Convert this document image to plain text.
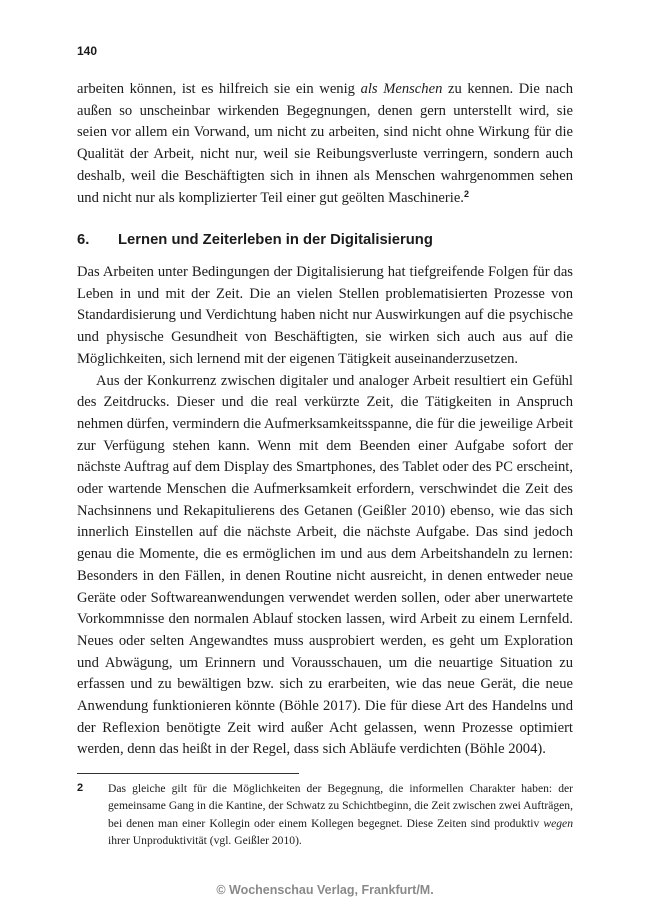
140

arbeiten können, ist es hilfreich sie ein wenig als Menschen zu kennen. Die nach außen so unscheinbar wirkenden Begegnungen, denen gern unterstellt wird, sie seien vor allem ein Vorwand, um nicht zu arbeiten, sind nicht ohne Wirkung für die Qualität der Arbeit, nicht nur, weil sie Reibungsverluste verringern, sondern auch deshalb, weil die Beschäftigten sich in ihnen als Menschen wahrgenommen sehen und nicht nur als komplizierter Teil einer gut geölten Maschinerie.$^2$

6.	Lernen und Zeiterleben in der Digitalisierung

Das Arbeiten unter Bedingungen der Digitalisierung hat tiefgreifende Folgen für das Leben in und mit der Zeit. Die an vielen Stellen problematisierten Prozesse von Standardisierung und Verdichtung haben nicht nur Auswirkungen auf die psychische und physische Gesundheit von Beschäftigten, sie wirken sich auch aus auf die Möglichkeiten, sich lernend mit der eigenen Tätigkeit auseinanderzusetzen.

Aus der Konkurrenz zwischen digitaler und analoger Arbeit resultiert ein Gefühl des Zeitdrucks. Dieser und die real verkürzte Zeit, die Tätigkeiten in Anspruch nehmen dürfen, vermindern die Aufmerksamkeitsspanne, die für die jeweilige Arbeit zur Verfügung stehen kann. Wenn mit dem Beenden einer Aufgabe sofort der nächste Auftrag auf dem Display des Smartphones, des Tablet oder des PC erscheint, oder wartende Menschen die Aufmerksamkeit erfordern, verschwindet die Zeit des Nachsinnens und Rekapitulierens des Getanen (Geißler 2010) ebenso, wie das sich innerlich Einstellen auf die nächste Arbeit, die nächste Aufgabe. Das sind jedoch genau die Momente, die es ermöglichen im und aus dem Arbeitshandeln zu lernen: Besonders in den Fällen, in denen Routine nicht ausreicht, in denen entweder neue Geräte oder Softwareanwendungen verwendet werden sollen, oder aber unerwartete Vorkommnisse den normalen Ablauf stocken lassen, wird Arbeit zu einem Lernfeld. Neues oder selten Angewandtes muss ausprobiert werden, es geht um Exploration und Abwägung, um Erinnern und Vorausschauen, um die neuartige Situation zu erfassen und zu bewältigen bzw. sich zu erarbeiten, wie das neue Gerät, die neue Anwendung funktionieren könnte (Böhle 2017). Die für diese Art des Handelns und der Reflexion benötigte Zeit wird außer Acht gelassen, wenn Prozesse optimiert werden, denn das heißt in der Regel, dass sich Abläufe verdichten (Böhle 2004).

2	Das gleiche gilt für die Möglichkeiten der Begegnung, die informellen Charakter haben: der gemeinsame Gang in die Kantine, der Schwatz zu Schichtbeginn, die Zeit zwischen zwei Aufträgen, bei denen man einer Kollegin oder einem Kollegen begegnet. Diese Zeiten sind produktiv wegen ihrer Unproduktivität (vgl. Geißler 2010).
© Wochenschau Verlag, Frankfurt/M.
